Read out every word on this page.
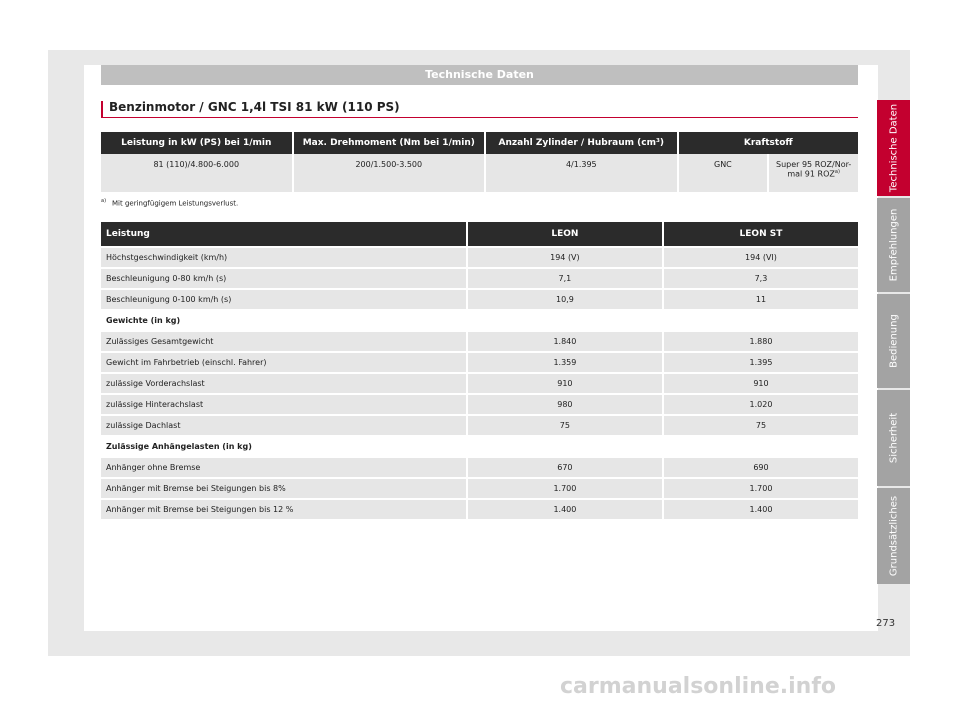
Technische Daten
Benzinmotor / GNC 1,4l TSI 81 kW (110 PS)
Leistung in kW (PS) bei 1/min	Max. Drehmoment (Nm bei 1/min)	Anzahl Zylinder / Hubraum (cm³)	Kraftstoff	
81 (110)/4.800-6.000	200/1.500-3.500	4/1.395	GNC	Super 95 ROZ/Nor-mal 91 ROZ$^{a)}$
$^{a)}$ Mit geringfügigem Leistungsverlust.
Leistung	LEON	LEON ST
Höchstgeschwindigkeit (km/h)	194 (V)	194 (VI)
Beschleunigung 0-80 km/h (s)	7,1	7,3
Beschleunigung 0-100 km/h (s)	10,9	11
Gewichte (in kg)		
Zulässiges Gesamtgewicht	1.840	1.880
Gewicht im Fahrbetrieb (einschl. Fahrer)	1.359	1.395
zulässige Vorderachslast	910	910
zulässige Hinterachslast	980	1.020
zulässige Dachlast	75	75
Zulässige Anhängelasten (in kg)		
Anhänger ohne Bremse	670	690
Anhänger mit Bremse bei Steigungen bis 8%	1.700	1.700
Anhänger mit Bremse bei Steigungen bis 12 %	1.400	1.400
Technische Daten
Empfehlungen
Bedienung
Sicherheit
Grundsätzliches
273
carmanualsonline.info
